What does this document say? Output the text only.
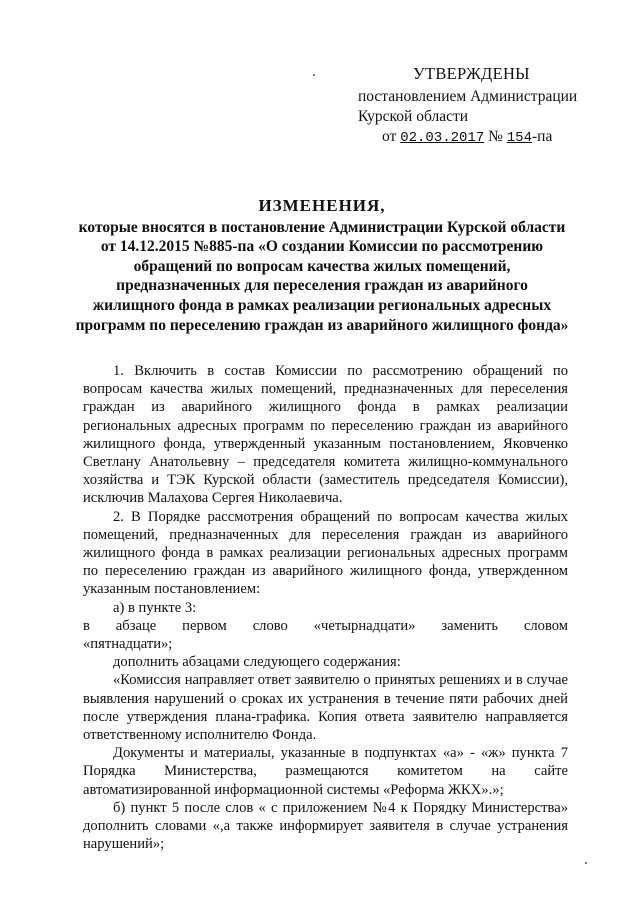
УТВЕРЖДЕНЫ
постановлением Администрации
Курской области
от 02.03.2017 № 154-па
ИЗМЕНЕНИЯ,
которые вносятся в постановление Администрации Курской области
от 14.12.2015 №885-па «О создании Комиссии по рассмотрению
обращений по вопросам качества жилых помещений,
предназначенных для переселения граждан из аварийного
жилищного фонда в рамках реализации региональных адресных
программ по переселению граждан из аварийного жилищного фонда»

1. Включить в состав Комиссии по рассмотрению обращений по вопросам качества жилых помещений, предназначенных для переселения граждан из аварийного жилищного фонда в рамках реализации региональных адресных программ по переселению граждан из аварийного жилищного фонда, утвержденный указанным постановлением, Яковченко Светлану Анатольевну – председателя комитета жилищно-коммунального хозяйства и ТЭК Курской области (заместитель председателя Комиссии), исключив Малахова Сергея Николаевича.

2. В Порядке рассмотрения обращений по вопросам качества жилых помещений, предназначенных для переселения граждан из аварийного жилищного фонда в рамках реализации региональных адресных программ по переселению граждан из аварийного жилищного фонда, утвержденном указанным постановлением:

а) в пункте 3:

в абзаце первом слово «четырнадцати» заменить словом «пятнадцати»;

дополнить абзацами следующего содержания:

«Комиссия направляет ответ заявителю о принятых решениях и в случае выявления нарушений о сроках их устранения в течение пяти рабочих дней после утверждения плана-графика. Копия ответа заявителю направляется ответственному исполнителю Фонда.

Документы и материалы, указанные в подпунктах «а» - «ж» пункта 7 Порядка Министерства, размещаются комитетом на сайте автоматизированной информационной системы «Реформа ЖКХ».»;

б) пункт 5 после слов « с приложением №4 к Порядку Министерства» дополнить словами «,а также информирует заявителя в случае устранения нарушений»;
